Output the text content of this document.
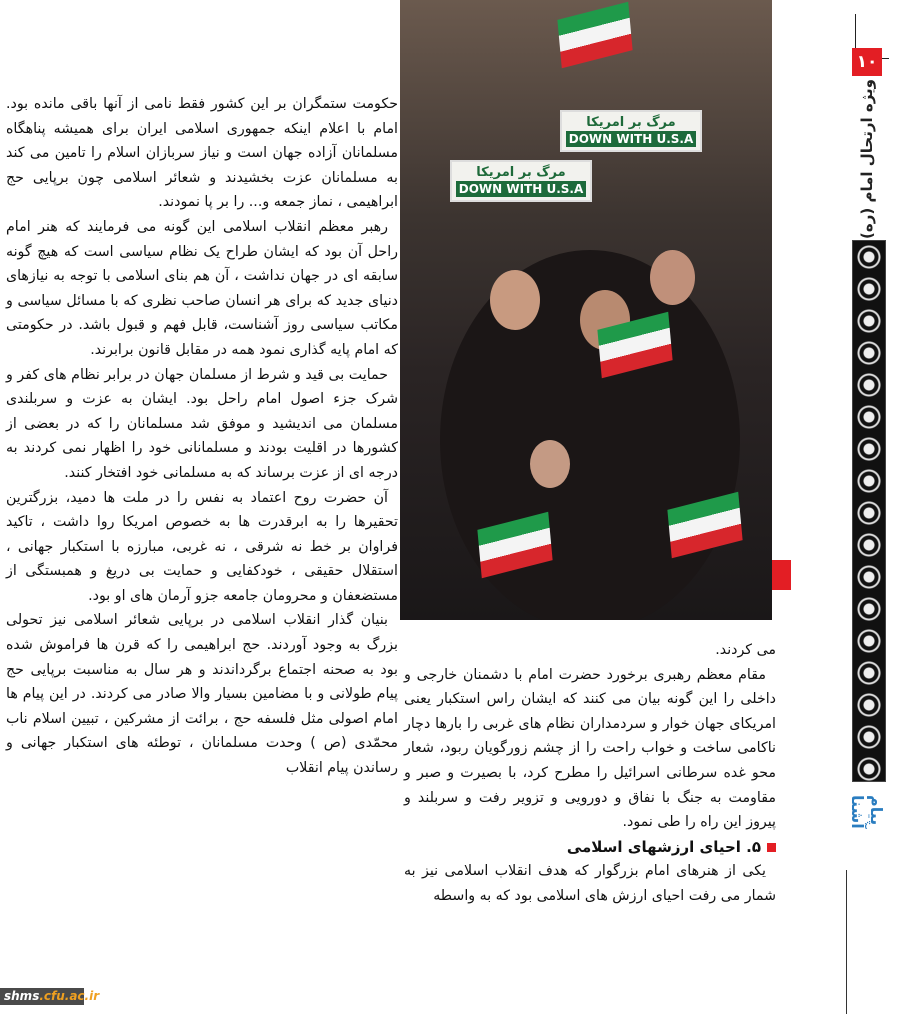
حکومت ستمگران بر این کشور فقط نامی از آنها باقی مانده بود. امام با اعلام اینکه جمهوری اسلامی ایران برای همیشه پناهگاه مسلمانان آزاده جهان است و نیاز سربازان اسلام را تامین می کند به مسلمانان عزت بخشیدند و شعائر اسلامی چون برپایی حج ابراهیمی ، نماز جمعه و... را بر پا نمودند.

رهبر معظم انقلاب اسلامی این گونه می فرمایند که هنر امام راحل آن بود که ایشان طراح یک نظام سیاسی است که هیچ گونه سابقه ای در جهان نداشت ، آن هم بنای اسلامی با توجه به نیازهای دنیای جدید که برای هر انسان صاحب نظری که با مسائل سیاسی و مکاتب سیاسی روز آشناست، قابل فهم و قبول باشد. در حکومتی که امام پایه گذاری نمود همه در مقابل قانون برابرند.

حمایت بی قید و شرط از مسلمان جهان در برابر نظام های کفر و شرک جزء اصول امام راحل بود. ایشان به عزت و سربلندی مسلمان می اندیشید و موفق شد مسلمانان را که در بعضی از کشورها در اقلیت بودند و مسلمانانی خود را اظهار نمی کردند به درجه ای از عزت برساند که به مسلمانی خود افتخار کنند.

آن حضرت روح اعتماد به نفس را در ملت ها دمید، بزرگترین تحقیرها را به ابرقدرت ها به خصوص امریکا روا داشت ، تاکید فراوان بر خط نه شرقی ، نه غربی، مبارزه با استکبار جهانی ، استقلال حقیقی ، خودکفایی و حمایت بی دریغ و همبستگی از مستضعفان و محرومان جامعه جزو آرمان های او بود.

بنیان گذار انقلاب اسلامی در برپایی شعائر اسلامی نیز تحولی بزرگ به وجود آوردند. حج ابراهیمی را که قرن ها فراموش شده بود به صحنه اجتماع برگرداندند و هر سال به مناسبت برپایی حج پیام طولانی و با مضامین بسیار والا صادر می کردند. در این پیام ها امام اصولی مثل فلسفه حج ، برائت از مشرکین ، تبیین اسلام ناب محمّدی (ص ) وحدت مسلمانان ، توطئه های استکبار جهانی و رساندن پیام انقلاب

مرگ بر امریکا
DOWN WITH U.S.A
مرگ بر امریکا
DOWN WITH U.S.A

می کردند.

مقام معظم رهبری برخورد حضرت امام با دشمنان خارجی و داخلی را این گونه بیان می کنند که ایشان راس استکبار یعنی امریکای جهان خوار و سردمداران نظام های غربی را بارها دچار ناکامی ساخت و خواب راحت را از چشم زورگویان ربود، شعار محو غده سرطانی اسرائیل را مطرح کرد، با بصیرت و صبر و مقاومت به جنگ با نفاق و دورویی و تزویر رفت و سربلند و پیروز این راه را طی نمود.

۵. احیای ارزشهای اسلامی

یکی از هنرهای امام بزرگوار که هدف انقلاب اسلامی نیز به شمار می رفت احیای ارزش های اسلامی بود که به واسطه

۱۰
ویژه ارتحال امام (ره)
پیام آشنا
shms.cfu.ac.ir
